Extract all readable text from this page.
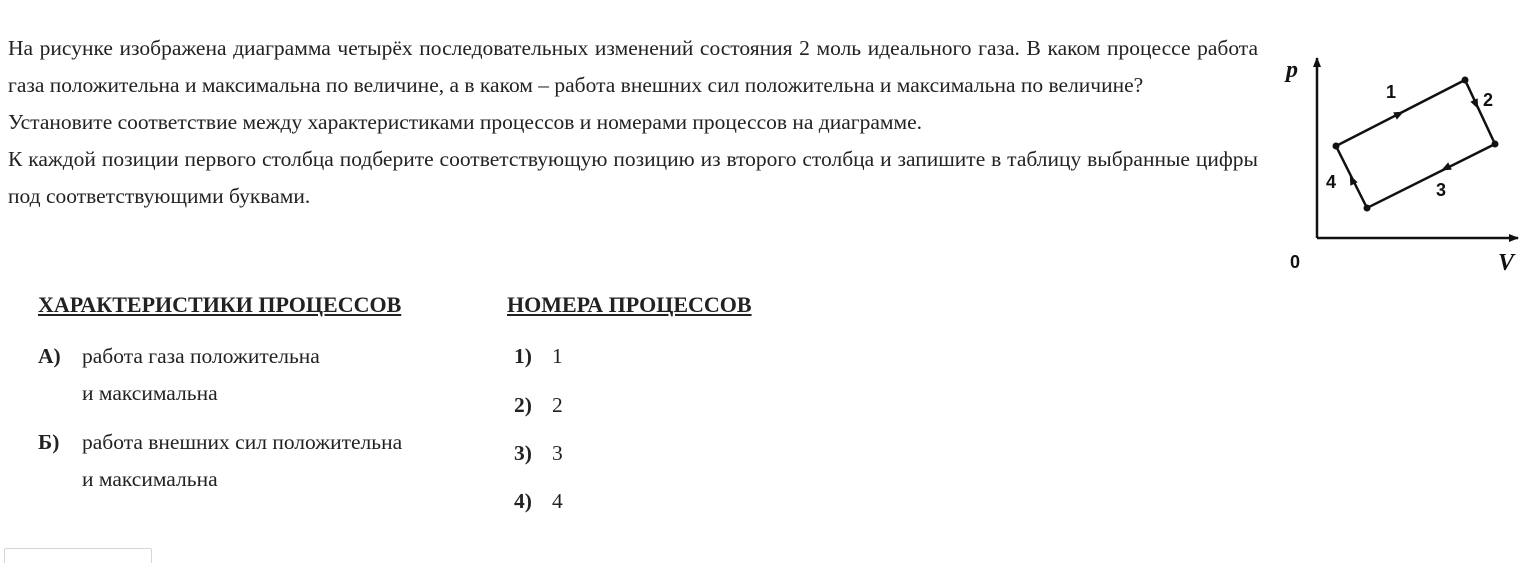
На рисунке изображена диаграмма четырёх последовательных изменений состояния 2 моль идеального газа. В каком процессе работа газа положительна и максимальна по величине, а в каком – работа внешних сил положительна и максимальна по величине?

Установите соответствие между характеристиками процессов и номерами процессов на диаграмме.

К каждой позиции первого столбца подберите соответствующую позицию из второго столбца и запишите в таблицу выбранные цифры под соответствующими буквами.

p
V
0
1	2
3
4
ХАРАКТЕРИСТИКИ ПРОЦЕССОВ	НОМЕРА ПРОЦЕССОВ
А) работа газа положительна
и максимальна
Б) работа внешних сил положительна
и максимальна
1) 1
2) 2
3) 3
4) 4
